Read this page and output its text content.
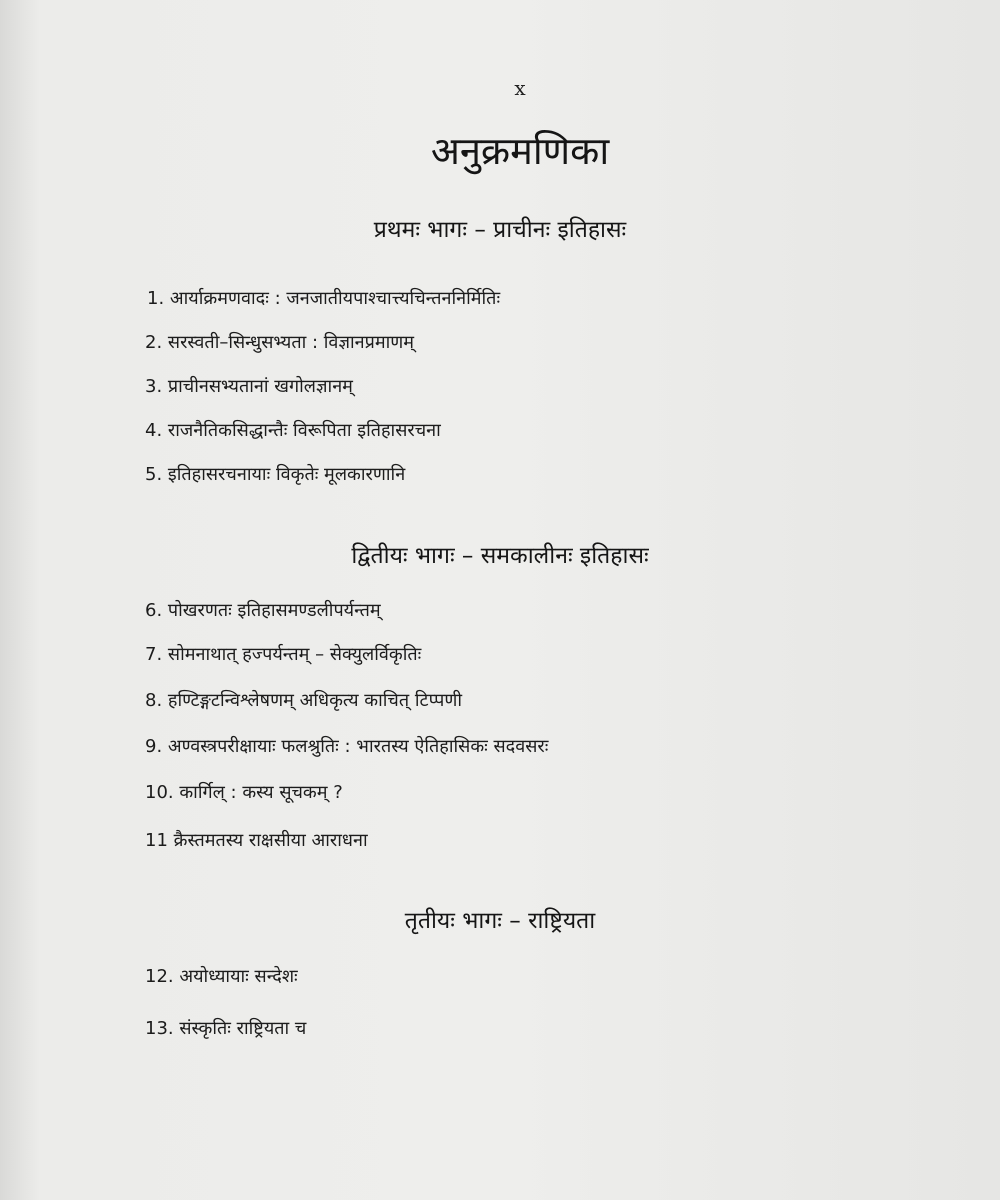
x
अनुक्रमणिका
प्रथमः भागः – प्राचीनः इतिहासः
1. आर्याक्रमणवादः : जनजातीयपाश्चात्त्यचिन्तननिर्मितिः
2. सरस्वती–सिन्धुसभ्यता : विज्ञानप्रमाणम्
3. प्राचीनसभ्यतानां खगोलज्ञानम्
4. राजनैतिकसिद्धान्तैः विरूपिता इतिहासरचना
5. इतिहासरचनायाः विकृतेः मूलकारणानि
द्वितीयः भागः – समकालीनः इतिहासः
6. पोखरणतः इतिहासमण्डलीपर्यन्तम्
7. सोमनाथात् हज्पर्यन्तम् – सेक्युलर्विकृतिः
8. हण्टिङ्गटन्विश्लेषणम् अधिकृत्य काचित् टिप्पणी
9. अण्वस्त्रपरीक्षायाः फलश्रुतिः : भारतस्य ऐतिहासिकः सदवसरः
10. कार्गिल् : कस्य सूचकम् ?
11 क्रैस्तमतस्य राक्षसीया आराधना
तृतीयः भागः – राष्ट्रियता
12. अयोध्यायाः सन्देशः
13. संस्कृतिः राष्ट्रियता च
